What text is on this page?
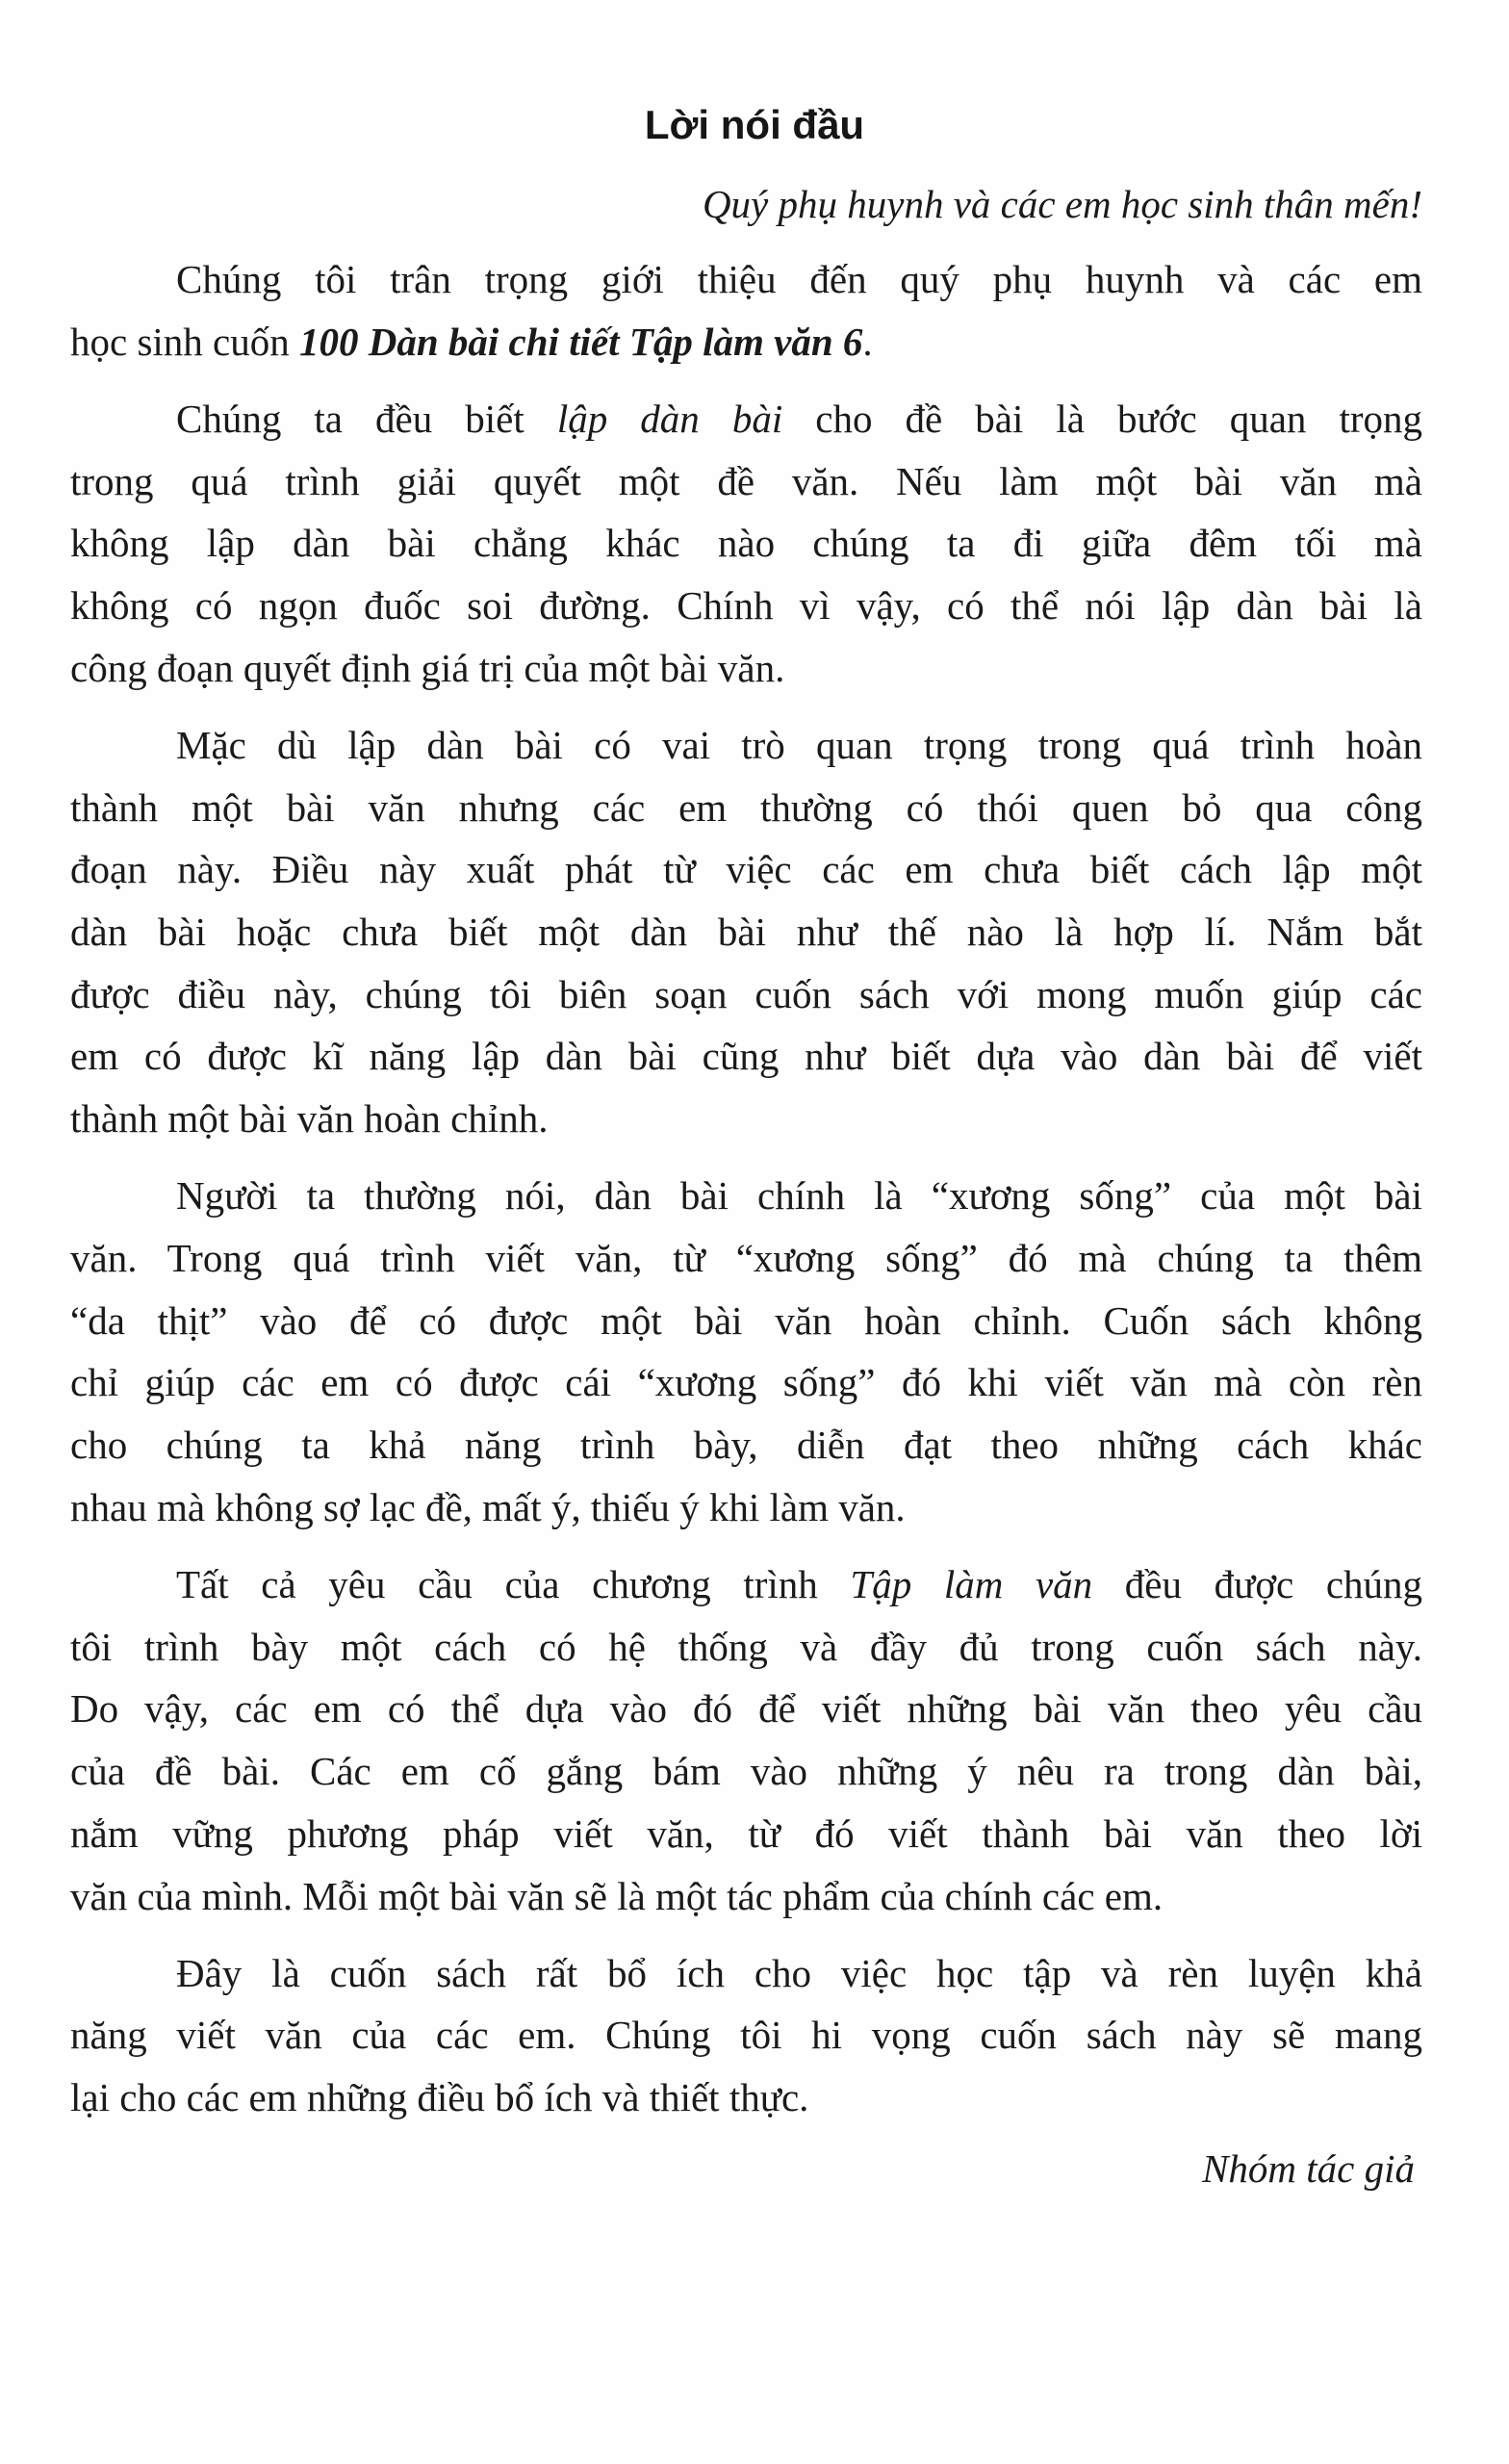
Lời nói đầu
Quý phụ huynh và các em học sinh thân mến!
Chúng tôi trân trọng giới thiệu đến quý phụ huynh và các em
học sinh cuốn 100 Dàn bài chi tiết Tập làm văn 6.
Chúng ta đều biết lập dàn bài cho đề bài là bước quan trọng
trong quá trình giải quyết một đề văn. Nếu làm một bài văn mà
không lập dàn bài chẳng khác nào chúng ta đi giữa đêm tối mà
không có ngọn đuốc soi đường. Chính vì vậy, có thể nói lập dàn bài là
công đoạn quyết định giá trị của một bài văn.
Mặc dù lập dàn bài có vai trò quan trọng trong quá trình hoàn
thành một bài văn nhưng các em thường có thói quen bỏ qua công
đoạn này. Điều này xuất phát từ việc các em chưa biết cách lập một
dàn bài hoặc chưa biết một dàn bài như thế nào là hợp lí. Nắm bắt
được điều này, chúng tôi biên soạn cuốn sách với mong muốn giúp các
em có được kĩ năng lập dàn bài cũng như biết dựa vào dàn bài để viết
thành một bài văn hoàn chỉnh.
Người ta thường nói, dàn bài chính là “xương sống” của một bài
văn. Trong quá trình viết văn, từ “xương sống” đó mà chúng ta thêm
“da thịt” vào để có được một bài văn hoàn chỉnh. Cuốn sách không
chỉ giúp các em có được cái “xương sống” đó khi viết văn mà còn rèn
cho chúng ta khả năng trình bày, diễn đạt theo những cách khác
nhau mà không sợ lạc đề, mất ý, thiếu ý khi làm văn.
Tất cả yêu cầu của chương trình Tập làm văn đều được chúng
tôi trình bày một cách có hệ thống và đầy đủ trong cuốn sách này.
Do vậy, các em có thể dựa vào đó để viết những bài văn theo yêu cầu
của đề bài. Các em cố gắng bám vào những ý nêu ra trong dàn bài,
nắm vững phương pháp viết văn, từ đó viết thành bài văn theo lời
văn của mình. Mỗi một bài văn sẽ là một tác phẩm của chính các em.
Đây là cuốn sách rất bổ ích cho việc học tập và rèn luyện khả
năng viết văn của các em. Chúng tôi hi vọng cuốn sách này sẽ mang
lại cho các em những điều bổ ích và thiết thực.
Nhóm tác giả
